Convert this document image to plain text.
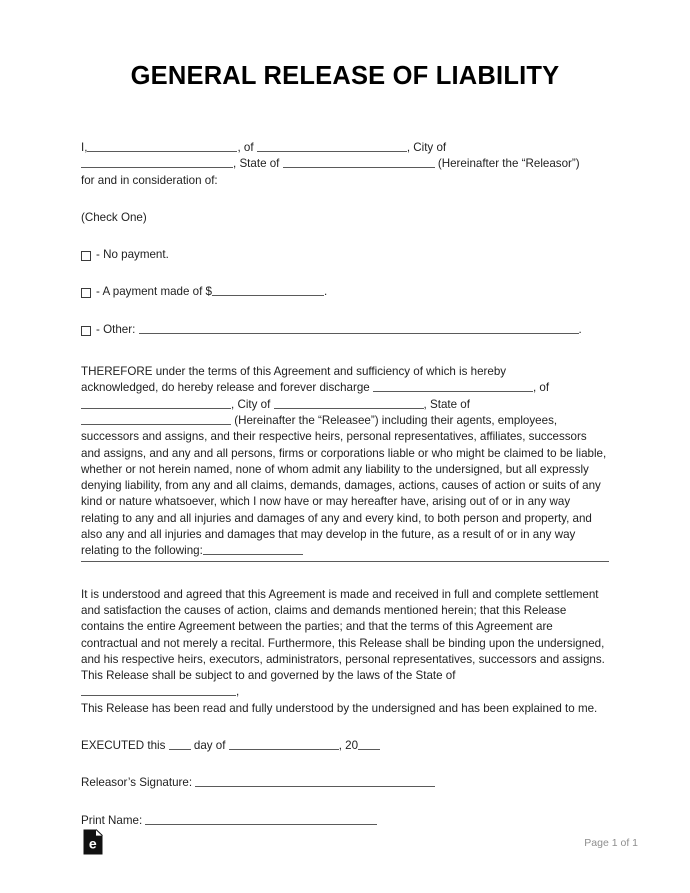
GENERAL RELEASE OF LIABILITY
I,	, of	, City of
, State of	(Hereinafter the “Releasor”)
for and in consideration of:
(Check One)
- No payment.
- A payment made of $	.
- Other:	.
THEREFORE under the terms of this Agreement and sufficiency of which is hereby
acknowledged, do hereby release and forever discharge	, of
, City of	, State of
(Hereinafter the “Releasee”) including their agents, employees,
successors and assigns, and their respective heirs, personal representatives, affiliates, successors and assigns, and any and all persons, firms or corporations liable or who might be claimed to be liable, whether or not herein named, none of whom admit any liability to the undersigned, but all expressly denying liability, from any and all claims, demands, damages, actions, causes of action or suits of any kind or nature whatsoever, which I now have or may hereafter have, arising out of or in any way relating to any and all injuries and damages of any and every kind, to both person and property, and also any and all injuries and damages that may develop in the future, as a result of or in any way relating to the following:
It is understood and agreed that this Agreement is made and received in full and complete settlement and satisfaction the causes of action, claims and demands mentioned herein; that this Release contains the entire Agreement between the parties; and that the terms of this Agreement are contractual and not merely a recital. Furthermore, this Release shall be binding upon the undersigned, and his respective heirs, executors, administrators, personal representatives, successors and assigns. This Release shall be subject to and governed by the laws of the State of ,
This Release has been read and fully understood by the undersigned and has been explained to me.
EXECUTED this day of	, 20
Releasor’s Signature:
Print Name:
e	Page 1 of 1
